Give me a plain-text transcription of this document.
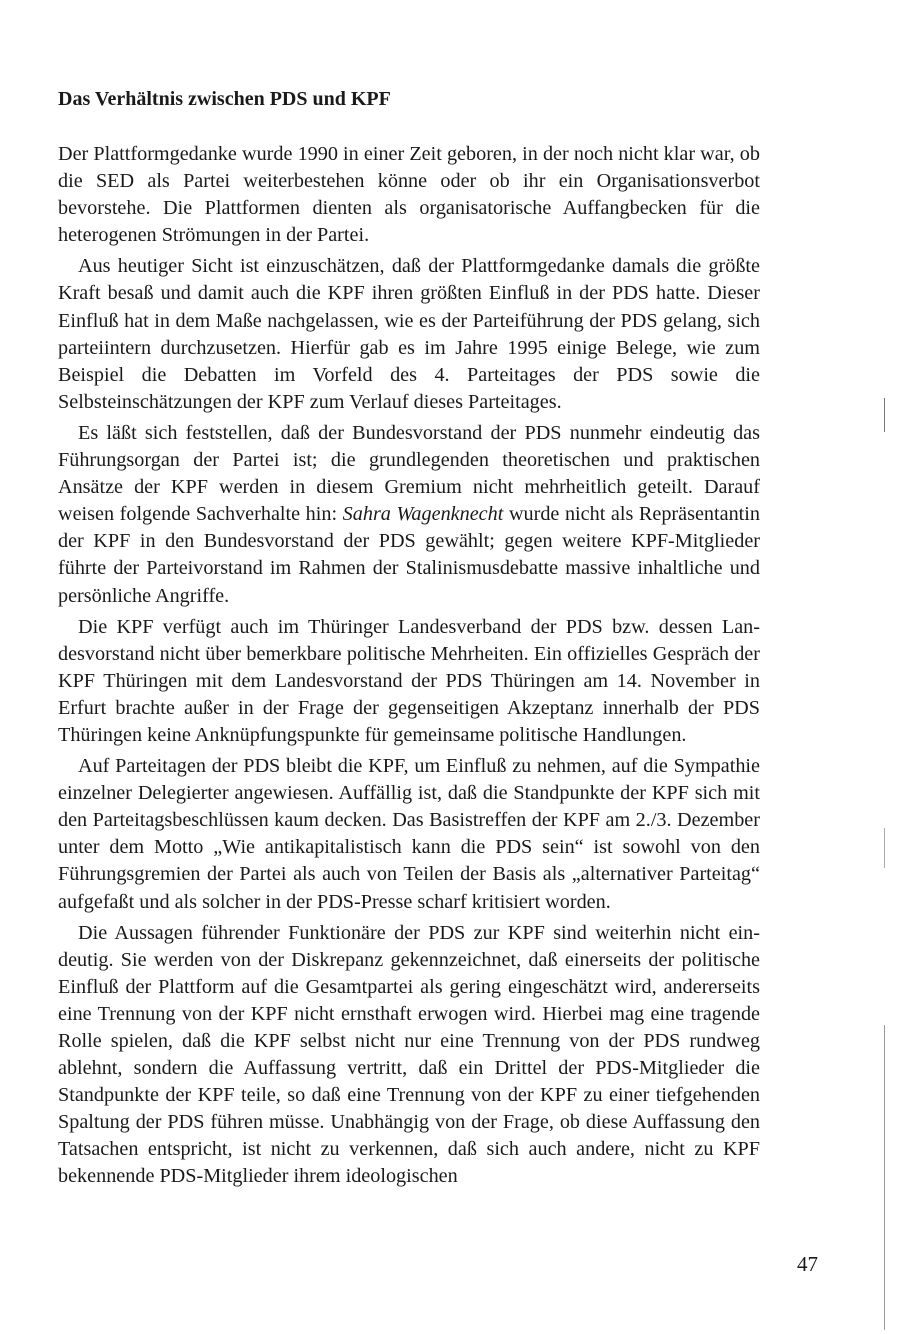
Das Verhältnis zwischen PDS und KPF

Der Plattformgedanke wurde 1990 in einer Zeit geboren, in der noch nicht klar war, ob die SED als Partei weiterbestehen könne oder ob ihr ein Organisationsverbot bevorstehe. Die Plattformen dienten als organisatorische Auffangbecken für die heterogenen Strömungen in der Partei.

Aus heutiger Sicht ist einzuschätzen, daß der Plattformgedanke damals die größte Kraft besaß und damit auch die KPF ihren größten Einfluß in der PDS hatte. Dieser Einfluß hat in dem Maße nachgelassen, wie es der Parteiführung der PDS gelang, sich parteiintern durchzusetzen. Hierfür gab es im Jahre 1995 einige Belege, wie zum Beispiel die Debatten im Vorfeld des 4. Parteitages der PDS sowie die Selbsteinschätzungen der KPF zum Verlauf dieses Parteitages.

Es läßt sich feststellen, daß der Bundesvorstand der PDS nunmehr eindeutig das Führungsorgan der Partei ist; die grundlegenden theoretischen und praktischen Ansätze der KPF werden in diesem Gremium nicht mehrheitlich geteilt. Darauf weisen folgende Sachverhalte hin: Sahra Wagenknecht wurde nicht als Repräsentantin der KPF in den Bundesvorstand der PDS gewählt; gegen weitere KPF-Mitglieder führte der Parteivorstand im Rahmen der Stalinismusdebatte massive inhaltliche und persönliche Angriffe.

Die KPF verfügt auch im Thüringer Landesverband der PDS bzw. dessen Landesvorstand nicht über bemerkbare politische Mehrheiten. Ein offizielles Gespräch der KPF Thüringen mit dem Landesvorstand der PDS Thüringen am 14. November in Erfurt brachte außer in der Frage der gegenseitigen Akzeptanz innerhalb der PDS Thüringen keine Anknüpfungspunkte für gemeinsame politische Handlungen.

Auf Parteitagen der PDS bleibt die KPF, um Einfluß zu nehmen, auf die Sympathie einzelner Delegierter angewiesen. Auffällig ist, daß die Standpunkte der KPF sich mit den Parteitagsbeschlüssen kaum decken. Das Basistreffen der KPF am 2./3. Dezember unter dem Motto „Wie antikapitalistisch kann die PDS sein“ ist sowohl von den Führungsgremien der Partei als auch von Teilen der Basis als „alternativer Parteitag“ aufgefaßt und als solcher in der PDS-Presse scharf kritisiert worden.

Die Aussagen führender Funktionäre der PDS zur KPF sind weiterhin nicht eindeutig. Sie werden von der Diskrepanz gekennzeichnet, daß einerseits der politische Einfluß der Plattform auf die Gesamtpartei als gering eingeschätzt wird, andererseits eine Trennung von der KPF nicht ernsthaft erwogen wird. Hierbei mag eine tragende Rolle spielen, daß die KPF selbst nicht nur eine Trennung von der PDS rundweg ablehnt, sondern die Auffassung vertritt, daß ein Drittel der PDS-Mitglieder die Standpunkte der KPF teile, so daß eine Trennung von der KPF zu einer tiefgehenden Spaltung der PDS führen müsse. Unabhängig von der Frage, ob diese Auffassung den Tatsachen entspricht, ist nicht zu verkennen, daß sich auch andere, nicht zu KPF bekennende PDS-Mitglieder ihrem ideologischen

47
